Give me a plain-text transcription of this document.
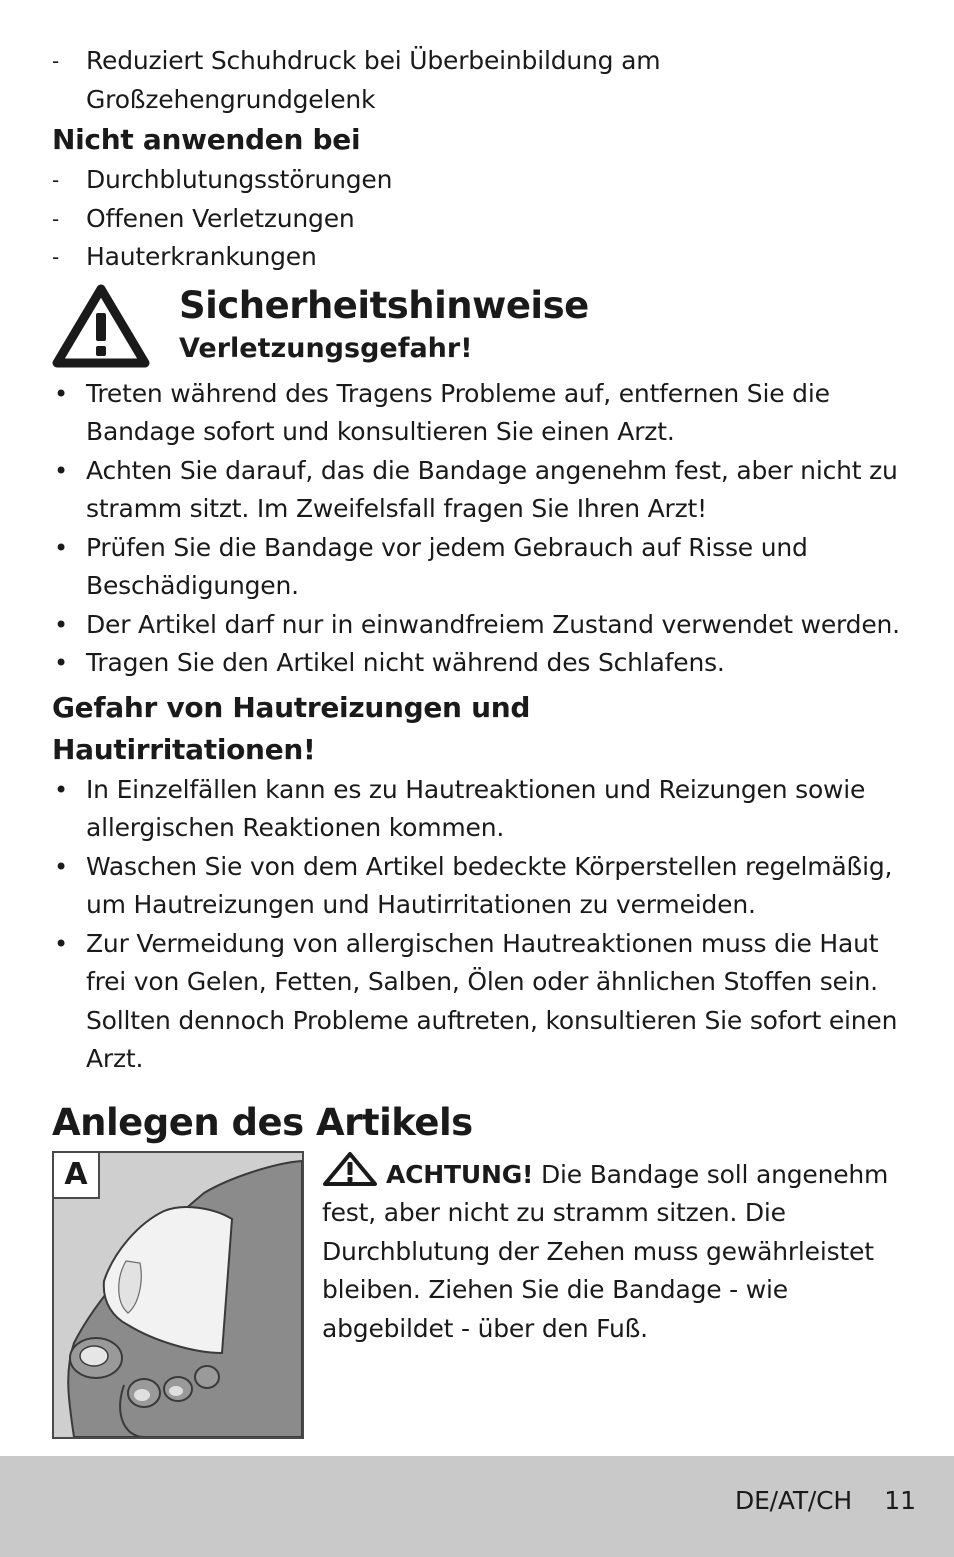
- Reduziert Schuhdruck bei Überbeinbildung am Großzehengrundgelenk
Nicht anwenden bei
- Durchblutungsstörungen
- Offenen Verletzungen
- Hauterkrankungen
Sicherheitshinweise
Verletzungsgefahr!
• Treten während des Tragens Probleme auf, entfernen Sie die Bandage sofort und konsultieren Sie einen Arzt.
• Achten Sie darauf, das die Bandage angenehm fest, aber nicht zu stramm sitzt. Im Zweifelsfall fragen Sie Ihren Arzt!
• Prüfen Sie die Bandage vor jedem Gebrauch auf Risse und Beschädigungen.
• Der Artikel darf nur in einwandfreiem Zustand verwendet werden.
• Tragen Sie den Artikel nicht während des Schlafens.
Gefahr von Hautreizungen und Hautirritationen!
• In Einzelfällen kann es zu Hautreaktionen und Reizungen sowie allergischen Reaktionen kommen.
• Waschen Sie von dem Artikel bedeckte Körperstellen regelmäßig, um Hautreizungen und Hautirritationen zu vermeiden.
• Zur Vermeidung von allergischen Hautreaktionen muss die Haut frei von Gelen, Fetten, Salben, Ölen oder ähnlichen Stoffen sein. Sollten dennoch Probleme auftreten, konsultieren Sie sofort einen Arzt.
Anlegen des Artikels
A	ACHTUNG! Die Bandage soll angenehm fest, aber nicht zu stramm sitzen. Die Durchblutung der Zehen muss gewährleistet bleiben. Ziehen Sie die Bandage - wie abgebildet - über den Fuß.
DE/AT/CH 11
